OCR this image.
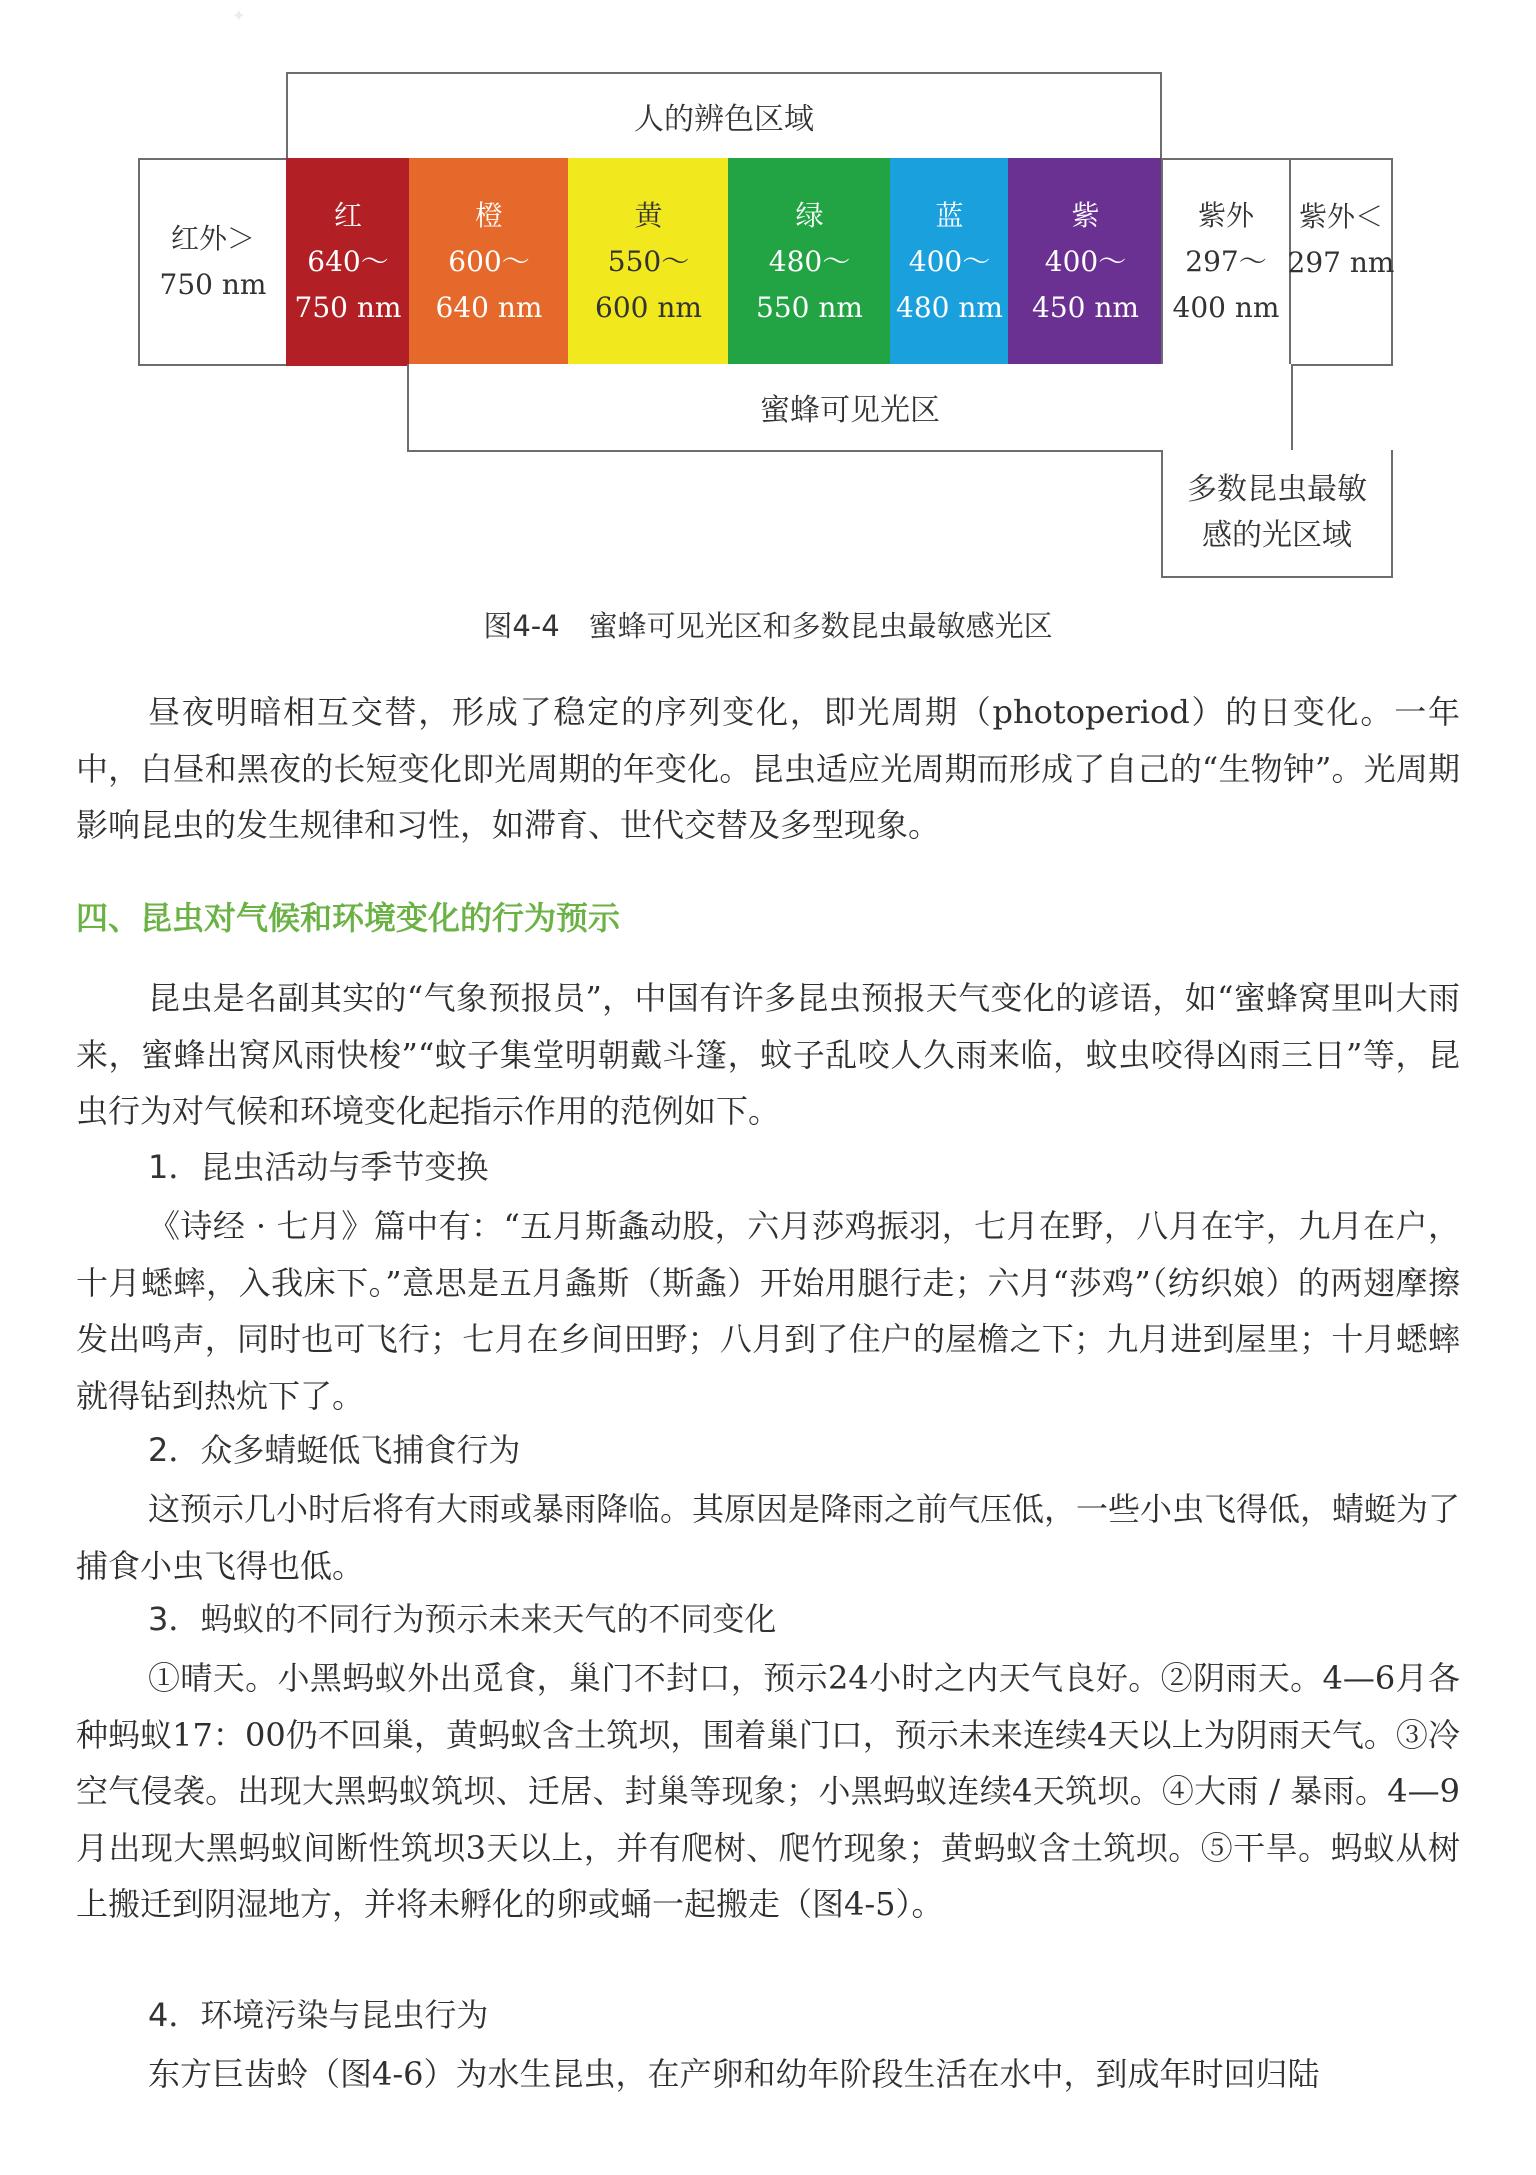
✦
人的辨色区域
红外＞
750 nm
红
640～
750 nm
橙
600～
640 nm
黄
550～
600 nm
绿
480～
550 nm
蓝
400～
480 nm
紫
400～
450 nm
紫外
297～
400 nm
紫外＜
297 nm
蜜蜂可见光区
多数昆虫最敏
感的光区域
图4-4　蜜蜂可见光区和多数昆虫最敏感光区

昼夜明暗相互交替，形成了稳定的序列变化，即光周期（photoperiod）的日变化。一年中，白昼和黑夜的长短变化即光周期的年变化。昆虫适应光周期而形成了自己的“生物钟”。光周期影响昆虫的发生规律和习性，如滞育、世代交替及多型现象。

四、昆虫对气候和环境变化的行为预示

昆虫是名副其实的“气象预报员”，中国有许多昆虫预报天气变化的谚语，如“蜜蜂窝里叫大雨来，蜜蜂出窝风雨快梭”“蚊子集堂明朝戴斗篷，蚊子乱咬人久雨来临，蚊虫咬得凶雨三日”等，昆虫行为对气候和环境变化起指示作用的范例如下。

1．昆虫活动与季节变换

《诗经 · 七月》篇中有：“五月斯螽动股，六月莎鸡振羽，七月在野，八月在宇，九月在户，十月蟋蟀，入我床下。”意思是五月螽斯（斯螽）开始用腿行走；六月“莎鸡”（纺织娘）的两翅摩擦发出鸣声，同时也可飞行；七月在乡间田野；八月到了住户的屋檐之下；九月进到屋里；十月蟋蟀就得钻到热炕下了。

2．众多蜻蜓低飞捕食行为

这预示几小时后将有大雨或暴雨降临。其原因是降雨之前气压低，一些小虫飞得低，蜻蜓为了捕食小虫飞得也低。

3．蚂蚁的不同行为预示未来天气的不同变化

①晴天。小黑蚂蚁外出觅食，巢门不封口，预示24小时之内天气良好。②阴雨天。4—6月各种蚂蚁17：00仍不回巢，黄蚂蚁含土筑坝，围着巢门口，预示未来连续4天以上为阴雨天气。③冷空气侵袭。出现大黑蚂蚁筑坝、迁居、封巢等现象；小黑蚂蚁连续4天筑坝。④大雨 / 暴雨。4—9月出现大黑蚂蚁间断性筑坝3天以上，并有爬树、爬竹现象；黄蚂蚁含土筑坝。⑤干旱。蚂蚁从树上搬迁到阴湿地方，并将未孵化的卵或蛹一起搬走（图4-5）。

4．环境污染与昆虫行为

东方巨齿蛉（图4-6）为水生昆虫，在产卵和幼年阶段生活在水中，到成年时回归陆
